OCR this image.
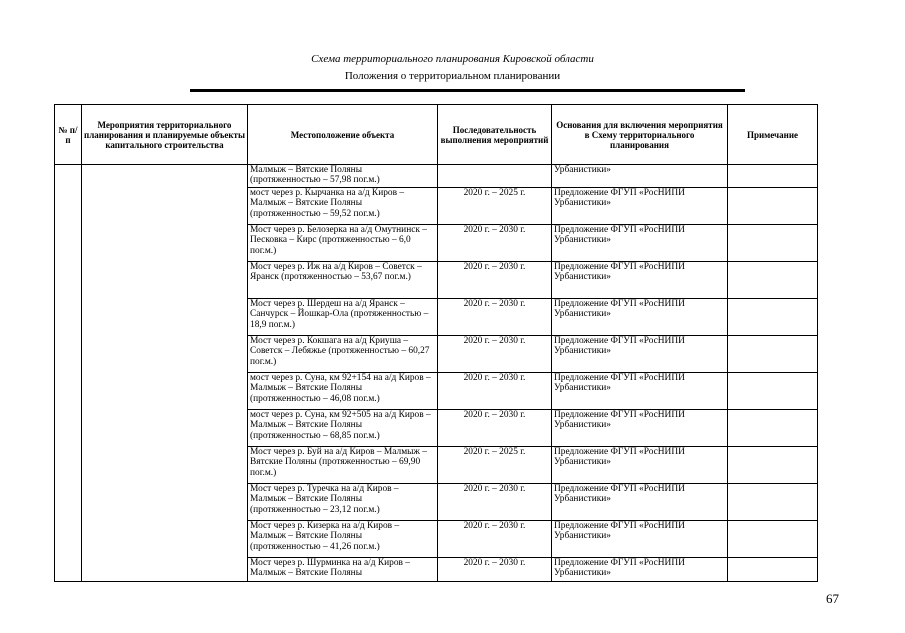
Схема территориального планирования Кировской области
Положения о территориальном планировании
№ п/п	Мероприятия территориального планирования и планируемые объекты капитального строительства	Местоположение объекта	Последовательность выполнения мероприятий	Основания для включения мероприятия в Схему территориального планирования	Примечание
		Малмыж – Вятские Поляны (протяженностью – 57,98 пог.м.)		Урбанистики»	
		мост через р. Кырчанка на а/д Киров – Малмыж – Вятские Поляны (протяженностью – 59,52 пог.м.)	2020 г. – 2025 г.	Предложение ФГУП «РосНИПИ Урбанистики»	
		Мост через р. Белозерка на а/д Омутнинск – Песковка – Кирс (протяженностью – 6,0 пог.м.)	2020 г. – 2030 г.	Предложение ФГУП «РосНИПИ Урбанистики»	
		Мост через р. Иж на а/д Киров – Советск – Яранск (протяженностью – 53,67 пог.м.)	2020 г. – 2030 г.	Предложение ФГУП «РосНИПИ Урбанистики»	
		Мост через р. Шердеш на а/д Яранск – Санчурск – Йошкар-Ола (протяженностью – 18,9 пог.м.)	2020 г. – 2030 г.	Предложение ФГУП «РосНИПИ Урбанистики»	
		Мост через р. Кокшага на а/д Криуша – Советск – Лебяжье (протяженностью – 60,27 пог.м.)	2020 г. – 2030 г.	Предложение ФГУП «РосНИПИ Урбанистики»	
		мост через р. Суна, км 92+154 на а/д Киров – Малмыж – Вятские Поляны (протяженностью – 46,08 пог.м.)	2020 г. – 2030 г.	Предложение ФГУП «РосНИПИ Урбанистики»	
		мост через р. Суна, км 92+505 на а/д Киров – Малмыж – Вятские Поляны (протяженностью – 68,85 пог.м.)	2020 г. – 2030 г.	Предложение ФГУП «РосНИПИ Урбанистики»	
		Мост через р. Буй на а/д Киров – Малмыж – Вятские Поляны (протяженностью – 69,90 пог.м.)	2020 г. – 2025 г.	Предложение ФГУП «РосНИПИ Урбанистики»	
		Мост через р. Туречка на а/д Киров – Малмыж – Вятские Поляны (протяженностью – 23,12 пог.м.)	2020 г. – 2030 г.	Предложение ФГУП «РосНИПИ Урбанистики»	
		Мост через р. Кизерка на а/д Киров – Малмыж – Вятские Поляны (протяженностью – 41,26 пог.м.)	2020 г. – 2030 г.	Предложение ФГУП «РосНИПИ Урбанистики»	
		Мост через р. Шурминка на а/д Киров – Малмыж – Вятские Поляны	2020 г. – 2030 г.	Предложение ФГУП «РосНИПИ Урбанистики»	
67
